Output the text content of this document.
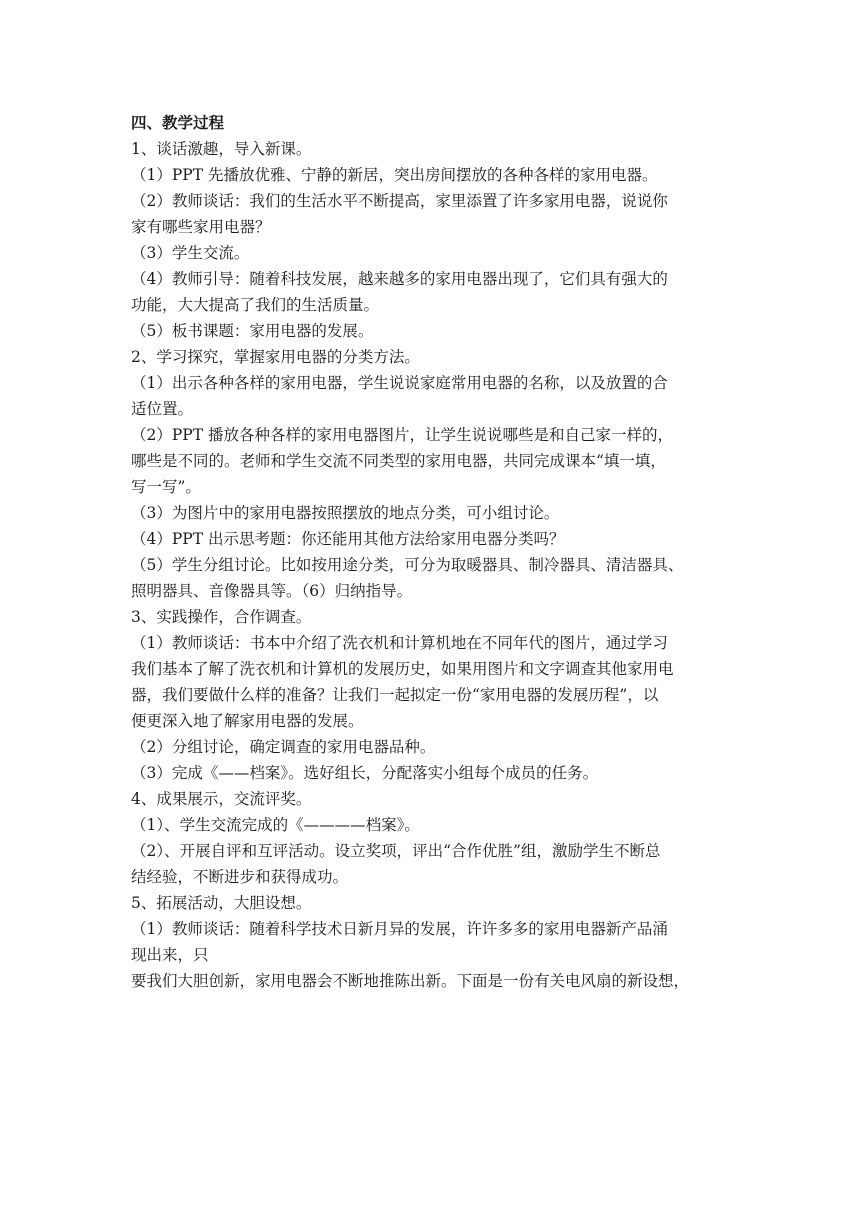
四、教学过程
1、谈话激趣，导入新课。
（1）PPT 先播放优雅、宁静的新居，突出房间摆放的各种各样的家用电器。
（2）教师谈话：我们的生活水平不断提高，家里添置了许多家用电器，说说你
家有哪些家用电器？
（3）学生交流。
（4）教师引导：随着科技发展，越来越多的家用电器出现了，它们具有强大的
功能，大大提高了我们的生活质量。
（5）板书课题：家用电器的发展。
2、学习探究，掌握家用电器的分类方法。
（1）出示各种各样的家用电器，学生说说家庭常用电器的名称，以及放置的合
适位置。
（2）PPT 播放各种各样的家用电器图片，让学生说说哪些是和自己家一样的，
哪些是不同的。老师和学生交流不同类型的家用电器，共同完成课本“填一填，
写一写”。
（3）为图片中的家用电器按照摆放的地点分类，可小组讨论。
（4）PPT 出示思考题：你还能用其他方法给家用电器分类吗？
（5）学生分组讨论。比如按用途分类，可分为取暖器具、制冷器具、清洁器具、
照明器具、音像器具等。（6）归纳指导。
3、实践操作，合作调查。
（1）教师谈话：书本中介绍了洗衣机和计算机地在不同年代的图片，通过学习
我们基本了解了洗衣机和计算机的发展历史，如果用图片和文字调查其他家用电
器，我们要做什么样的准备？让我们一起拟定一份“家用电器的发展历程”，以
便更深入地了解家用电器的发展。
（2）分组讨论，确定调查的家用电器品种。
（3）完成《——档案》。选好组长，分配落实小组每个成员的任务。
4、成果展示，交流评奖。
（1）、学生交流完成的《————档案》。
（2）、开展自评和互评活动。设立奖项，评出“合作优胜”组，激励学生不断总
结经验，不断进步和获得成功。
5、拓展活动，大胆设想。
（1）教师谈话：随着科学技术日新月异的发展，许许多多的家用电器新产品涌
现出来，只
要我们大胆创新，家用电器会不断地推陈出新。下面是一份有关电风扇的新设想，
